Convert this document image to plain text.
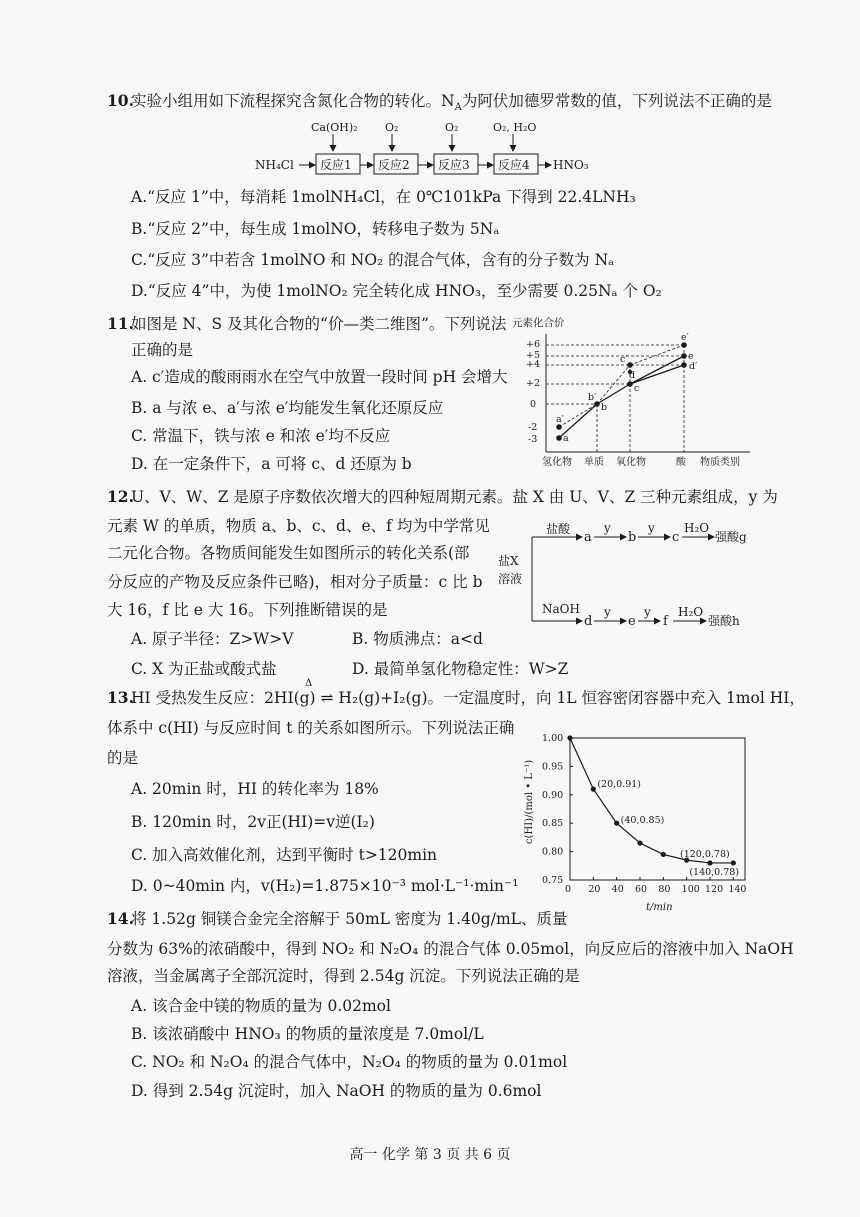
10.
实验小组用如下流程探究含氮化合物的转化。$N_A$为阿伏加德罗常数的值，下列说法不正确的是
Ca(OH)₂ O₂	O₂	O₂, H₂O
NH₄Cl 反应1 反应2 反应3 反应4 HNO₃
A.“反应 1”中，每消耗 1molNH₄Cl，在 0℃101kPa 下得到 22.4LNH₃
B.“反应 2”中，每生成 1molNO，转移电子数为 5Nₐ
C.“反应 3”中若含 1molNO 和 NO₂ 的混合气体，含有的分子数为 Nₐ
D.“反应 4”中，为使 1molNO₂ 完全转化成 HNO₃，至少需要 0.25Nₐ 个 O₂
11.
如图是 N、S 及其化合物的“价—类二维图”。下列说法
正确的是
A. c′造成的酸雨雨水在空气中放置一段时间 pH 会增大
B. a 与浓 e、a′与浓 e′均能发生氧化还原反应
C. 常温下，铁与浓 e 和浓 e′均不反应
D. 在一定条件下，a 可将 c、d 还原为 b
元素化合价
+6
+5
+4
+2
0
-2
-3	a
a′
b
b′
c
c′
d
d′
e
e′
氢化物 单质 氧化物	酸 物质类别
12.
U、V、W、Z 是原子序数依次增大的四种短周期元素。盐 X 由 U、V、Z 三种元素组成，y 为
元素 W 的单质，物质 a、b、c、d、e、f 均为中学常见
二元化合物。各物质间能发生如图所示的转化关系(部
分反应的产物及反应条件已略)，相对分子质量：c 比 b
大 16，f 比 e 大 16。下列推断错误的是
A. 原子半径：Z>W>V	B. 物质沸点：a<d
C. X 为正盐或酸式盐	D. 最简单氢化物稳定性：W>Z
盐X
溶液
盐酸
NaOH
a
y
b
y
c
H₂O
强酸g
d
y
e
y
f
H₂O
强酸h
13.
HI 受热发生反应：2HI(g) ⇌ H₂(g)+I₂(g)。一定温度时，向 1L 恒容密闭容器中充入 1mol HI，
Δ
体系中 c(HI) 与反应时间 t 的关系如图所示。下列说法正确
的是
A. 20min 时，HI 的转化率为 18%
B. 120min 时，2v正(HI)=v逆(I₂)
C. 加入高效催化剂，达到平衡时 t>120min
D. 0~40min 内，v(H₂)=1.875×10⁻³ mol·L⁻¹·min⁻¹
c(HI)/(mol • L⁻¹)
t/min
0 20 40 60 80 100 120 140
0.75
0.80
0.85
0.90
0.95
1.00
(20,0.91)
(40,0.85)
(120,0.78)
(140,0.78)
14.
将 1.52g 铜镁合金完全溶解于 50mL 密度为 1.40g/mL、质量
分数为 63%的浓硝酸中，得到 NO₂ 和 N₂O₄ 的混合气体 0.05mol，向反应后的溶液中加入 NaOH
溶液，当金属离子全部沉淀时，得到 2.54g 沉淀。下列说法正确的是
A. 该合金中镁的物质的量为 0.02mol
B. 该浓硝酸中 HNO₃ 的物质的量浓度是 7.0mol/L
C. NO₂ 和 N₂O₄ 的混合气体中，N₂O₄ 的物质的量为 0.01mol
D. 得到 2.54g 沉淀时，加入 NaOH 的物质的量为 0.6mol
高一 化学 第 3 页 共 6 页
